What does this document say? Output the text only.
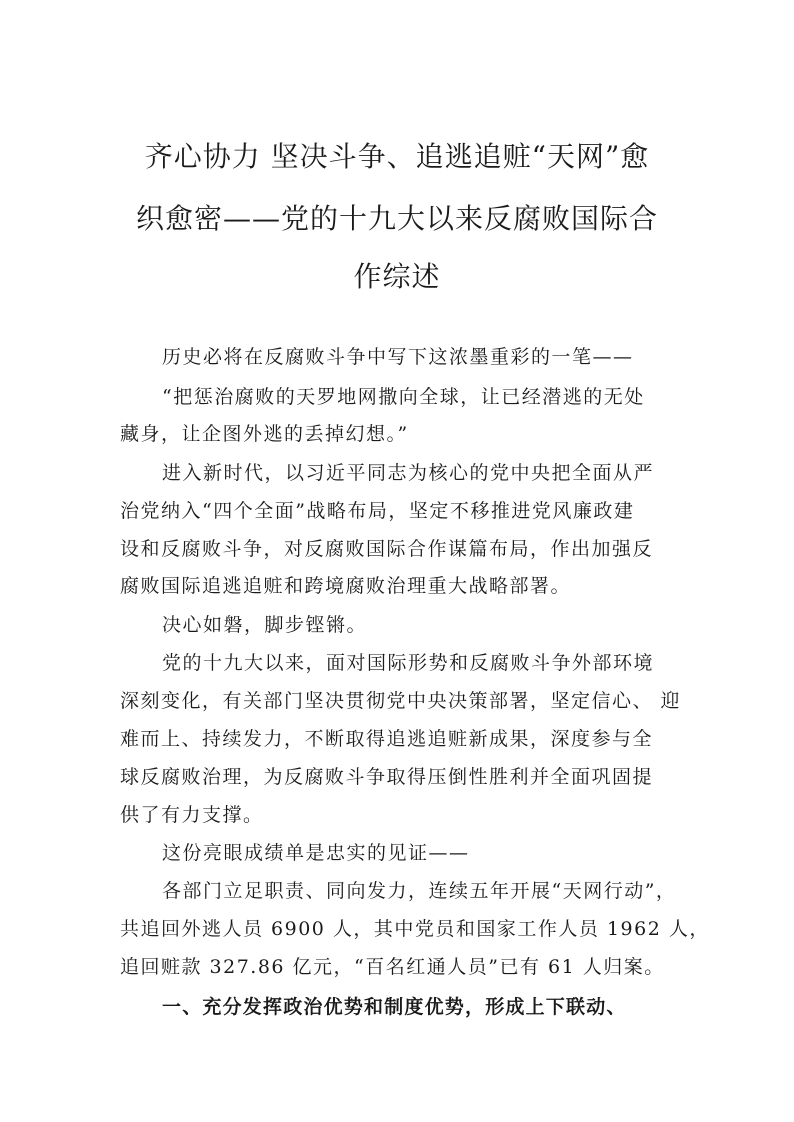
齐心协力 坚决斗争、追逃追赃“天网”愈
织愈密——党的十九大以来反腐败国际合
作综述
历史必将在反腐败斗争中写下这浓墨重彩的一笔——
“把惩治腐败的天罗地网撒向全球，让已经潜逃的无处
藏身，让企图外逃的丢掉幻想。”
进入新时代，以习近平同志为核心的党中央把全面从严
治党纳入“四个全面”战略布局，坚定不移推进党风廉政建
设和反腐败斗争，对反腐败国际合作谋篇布局，作出加强反
腐败国际追逃追赃和跨境腐败治理重大战略部署。
决心如磐，脚步铿锵。
党的十九大以来，面对国际形势和反腐败斗争外部环境
深刻变化，有关部门坚决贯彻党中央决策部署，坚定信心、 迎
难而上、持续发力，不断取得追逃追赃新成果，深度参与全
球反腐败治理，为反腐败斗争取得压倒性胜利并全面巩固提
供了有力支撑。
这份亮眼成绩单是忠实的见证——
各部门立足职责、同向发力，连续五年开展“天网行动”，
共追回外逃人员 6900 人，其中党员和国家工作人员 1962 人，
追回赃款 327.86 亿元，“百名红通人员”已有 61 人归案。
一、充分发挥政治优势和制度优势，形成上下联动、
